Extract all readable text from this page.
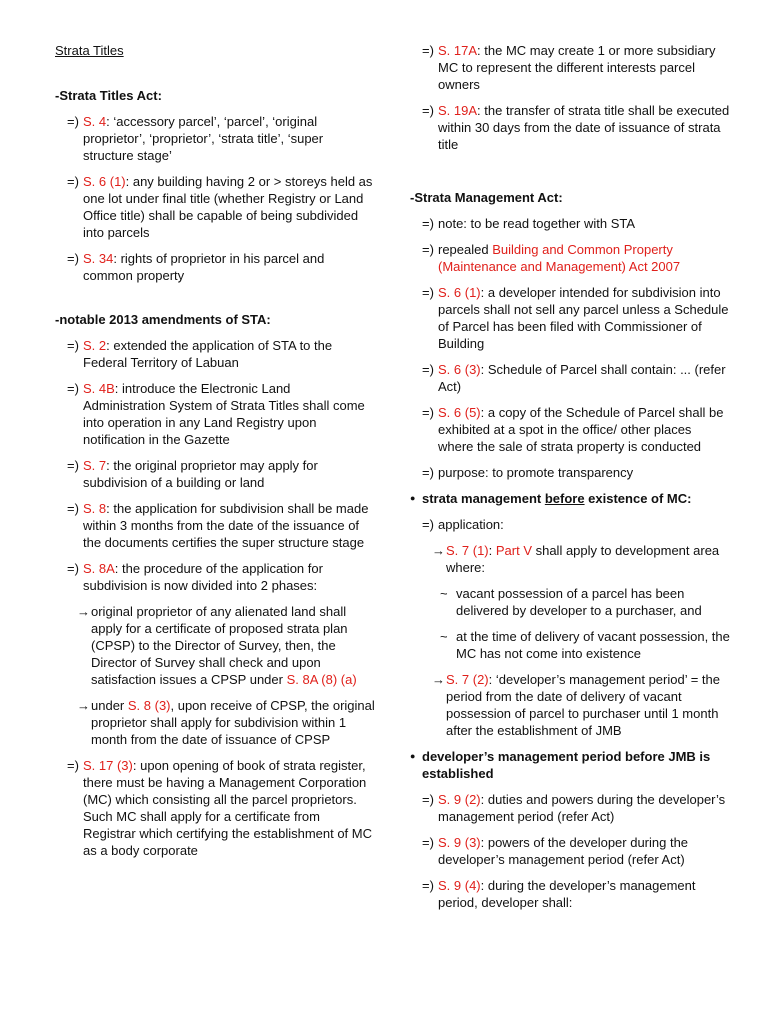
Strata Titles
-Strata Titles Act:
=) S. 4: ‘accessory parcel’, ‘parcel’, ‘original proprietor’, ‘proprietor’, ‘strata title’, ‘super structure stage’
=) S. 6 (1): any building having 2 or > storeys held as one lot under final title (whether Registry or Land Office title) shall be capable of being subdivided into parcels
=) S. 34: rights of proprietor in his parcel and common property
-notable 2013 amendments of STA:
=) S. 2: extended the application of STA to the Federal Territory of Labuan
=) S. 4B: introduce the Electronic Land Administration System of Strata Titles shall come into operation in any Land Registry upon notification in the Gazette
=) S. 7: the original proprietor may apply for subdivision of a building or land
=) S. 8: the application for subdivision shall be made within 3 months from the date of the issuance of the documents certifies the super structure stage
=) S. 8A: the procedure of the application for subdivision is now divided into 2 phases:
→ original proprietor of any alienated land shall apply for a certificate of proposed strata plan (CPSP) to the Director of Survey, then, the Director of Survey shall check and upon satisfaction issues a CPSP under S. 8A (8) (a)
→ under S. 8 (3), upon receive of CPSP, the original proprietor shall apply for subdivision within 1 month from the date of issuance of CPSP
=) S. 17 (3): upon opening of book of strata register, there must be having a Management Corporation (MC) which consisting all the parcel proprietors. Such MC shall apply for a certificate from Registrar which certifying the establishment of MC as a body corporate
=) S. 17A: the MC may create 1 or more subsidiary MC to represent the different interests parcel owners
=) S. 19A: the transfer of strata title shall be executed within 30 days from the date of issuance of strata title
-Strata Management Act:
=) note: to be read together with STA
=) repealed Building and Common Property (Maintenance and Management) Act 2007
=) S. 6 (1): a developer intended for subdivision into parcels shall not sell any parcel unless a Schedule of Parcel has been filed with Commissioner of Building
=) S. 6 (3): Schedule of Parcel shall contain: ... (refer Act)
=) S. 6 (5): a copy of the Schedule of Parcel shall be exhibited at a spot in the office/ other places where the sale of strata property is conducted
=) purpose: to promote transparency
● strata management before existence of MC:
=) application:
→ S. 7 (1): Part V shall apply to development area where:
~ vacant possession of a parcel has been delivered by developer to a purchaser, and
~ at the time of delivery of vacant possession, the MC has not come into existence
→ S. 7 (2): ‘developer’s management period’ = the period from the date of delivery of vacant possession of parcel to purchaser until 1 month after the establishment of JMB
● developer’s management period before JMB is established
=) S. 9 (2): duties and powers during the developer’s management period (refer Act)
=) S. 9 (3): powers of the developer during the developer’s management period (refer Act)
=) S. 9 (4): during the developer’s management period, developer shall:
